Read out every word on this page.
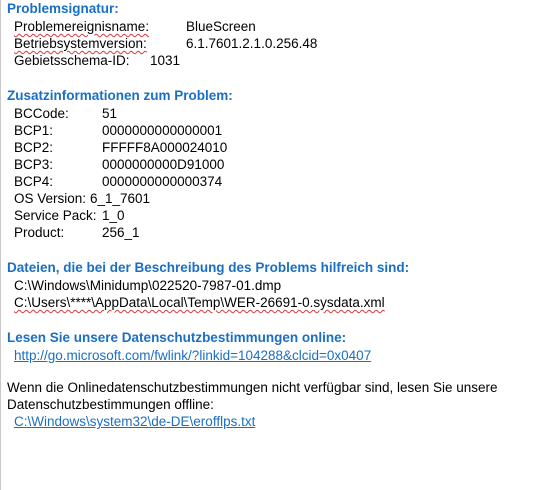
Problemsignatur:

Problemereignisname:	BlueScreen
Betriebsystemversion:	6.1.7601.2.1.0.256.48
Gebietsschema-ID:	1031

Zusatzinformationen zum Problem:

BCCode:	51
BCP1:	0000000000000001
BCP2:	FFFFF8A000024010
BCP3:	0000000000D91000
BCP4:	0000000000000374
OS Version: 6_1_7601
Service Pack: 1_0
Product:	256_1

Dateien, die bei der Beschreibung des Problems hilfreich sind:

C:\Windows\Minidump\022520-7987-01.dmp
C:\Users\****\AppData\Local\Temp\WER-26691-0.sysdata.xml

Lesen Sie unsere Datenschutzbestimmungen online:

http://go.microsoft.com/fwlink/?linkid=104288&clcid=0x0407

Wenn die Onlinedatenschutzbestimmungen nicht verfügbar sind, lesen Sie unsere Datenschutzbestimmungen offline:

C:\Windows\system32\de-DE\erofflps.txt
